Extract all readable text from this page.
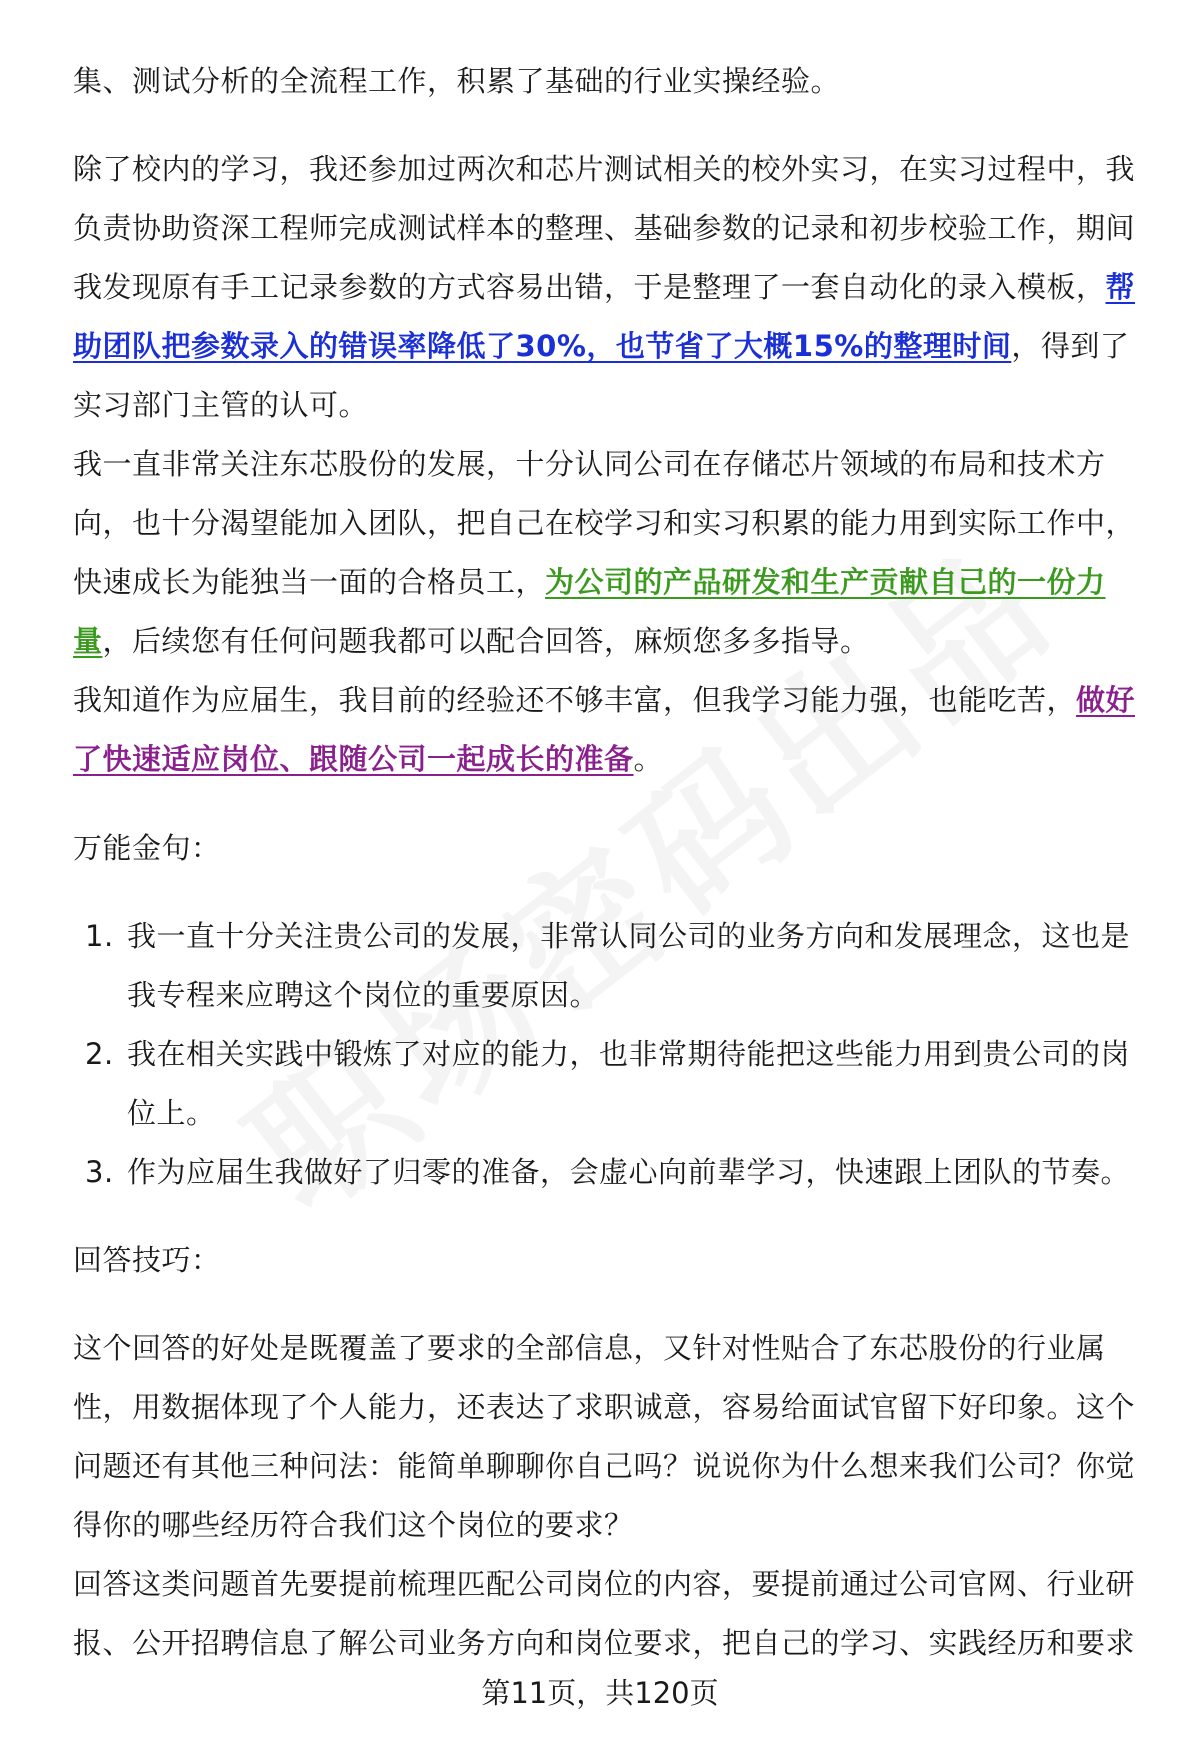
集、测试分析的全流程工作，积累了基础的行业实操经验。

除了校内的学习，我还参加过两次和芯片测试相关的校外实习，在实习过程中，我负责协助资深工程师完成测试样本的整理、基础参数的记录和初步校验工作，期间我发现原有手工记录参数的方式容易出错，于是整理了一套自动化的录入模板，帮助团队把参数录入的错误率降低了30%，也节省了大概15%的整理时间，得到了实习部门主管的认可。

我一直非常关注东芯股份的发展，十分认同公司在存储芯片领域的布局和技术方向，也十分渴望能加入团队，把自己在校学习和实习积累的能力用到实际工作中，快速成长为能独当一面的合格员工，为公司的产品研发和生产贡献自己的一份力量，后续您有任何问题我都可以配合回答，麻烦您多多指导。

我知道作为应届生，我目前的经验还不够丰富，但我学习能力强，也能吃苦，做好了快速适应岗位、跟随公司一起成长的准备。

万能金句：

1. 我一直十分关注贵公司的发展，非常认同公司的业务方向和发展理念，这也是我专程来应聘这个岗位的重要原因。
2. 我在相关实践中锻炼了对应的能力，也非常期待能把这些能力用到贵公司的岗位上。
3. 作为应届生我做好了归零的准备，会虚心向前辈学习，快速跟上团队的节奏。

回答技巧：

这个回答的好处是既覆盖了要求的全部信息，又针对性贴合了东芯股份的行业属性，用数据体现了个人能力，还表达了求职诚意，容易给面试官留下好印象。这个问题还有其他三种问法：能简单聊聊你自己吗？说说你为什么想来我们公司？你觉得你的哪些经历符合我们这个岗位的要求？

回答这类问题首先要提前梳理匹配公司岗位的内容，要提前通过公司官网、行业研报、公开招聘信息了解公司业务方向和岗位要求，把自己的学习、实践经历和要求

第11页，共120页
